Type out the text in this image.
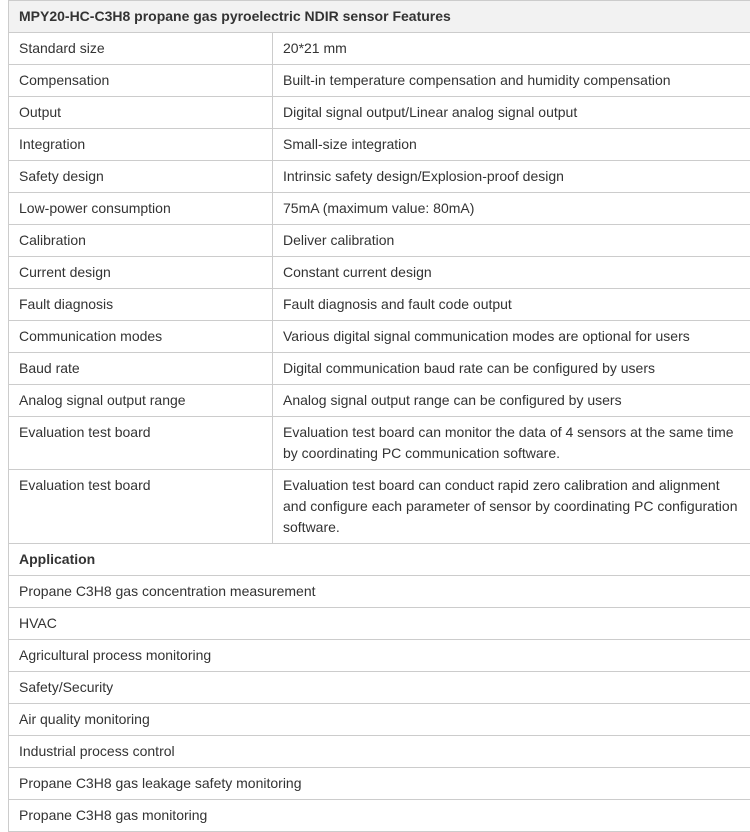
MPY20-HC-C3H8 propane gas pyroelectric NDIR sensor Features	
Standard size	20*21 mm
Compensation	Built-in temperature compensation and humidity compensation
Output	Digital signal output/Linear analog signal output
Integration	Small-size integration
Safety design	Intrinsic safety design/Explosion-proof design
Low-power consumption	75mA (maximum value: 80mA)
Calibration	Deliver calibration
Current design	Constant current design
Fault diagnosis	Fault diagnosis and fault code output
Communication modes	Various digital signal communication modes are optional for users
Baud rate	Digital communication baud rate can be configured by users
Analog signal output range	Analog signal output range can be configured by users
Evaluation test board	Evaluation test board can monitor the data of 4 sensors at the same time by coordinating PC communication software.
Evaluation test board	Evaluation test board can conduct rapid zero calibration and alignment and configure each parameter of sensor by coordinating PC configuration software.
Application	
Propane C3H8 gas concentration measurement	
HVAC	
Agricultural process monitoring	
Safety/Security	
Air quality monitoring	
Industrial process control	
Propane C3H8 gas leakage safety monitoring	
Propane C3H8 gas monitoring	
